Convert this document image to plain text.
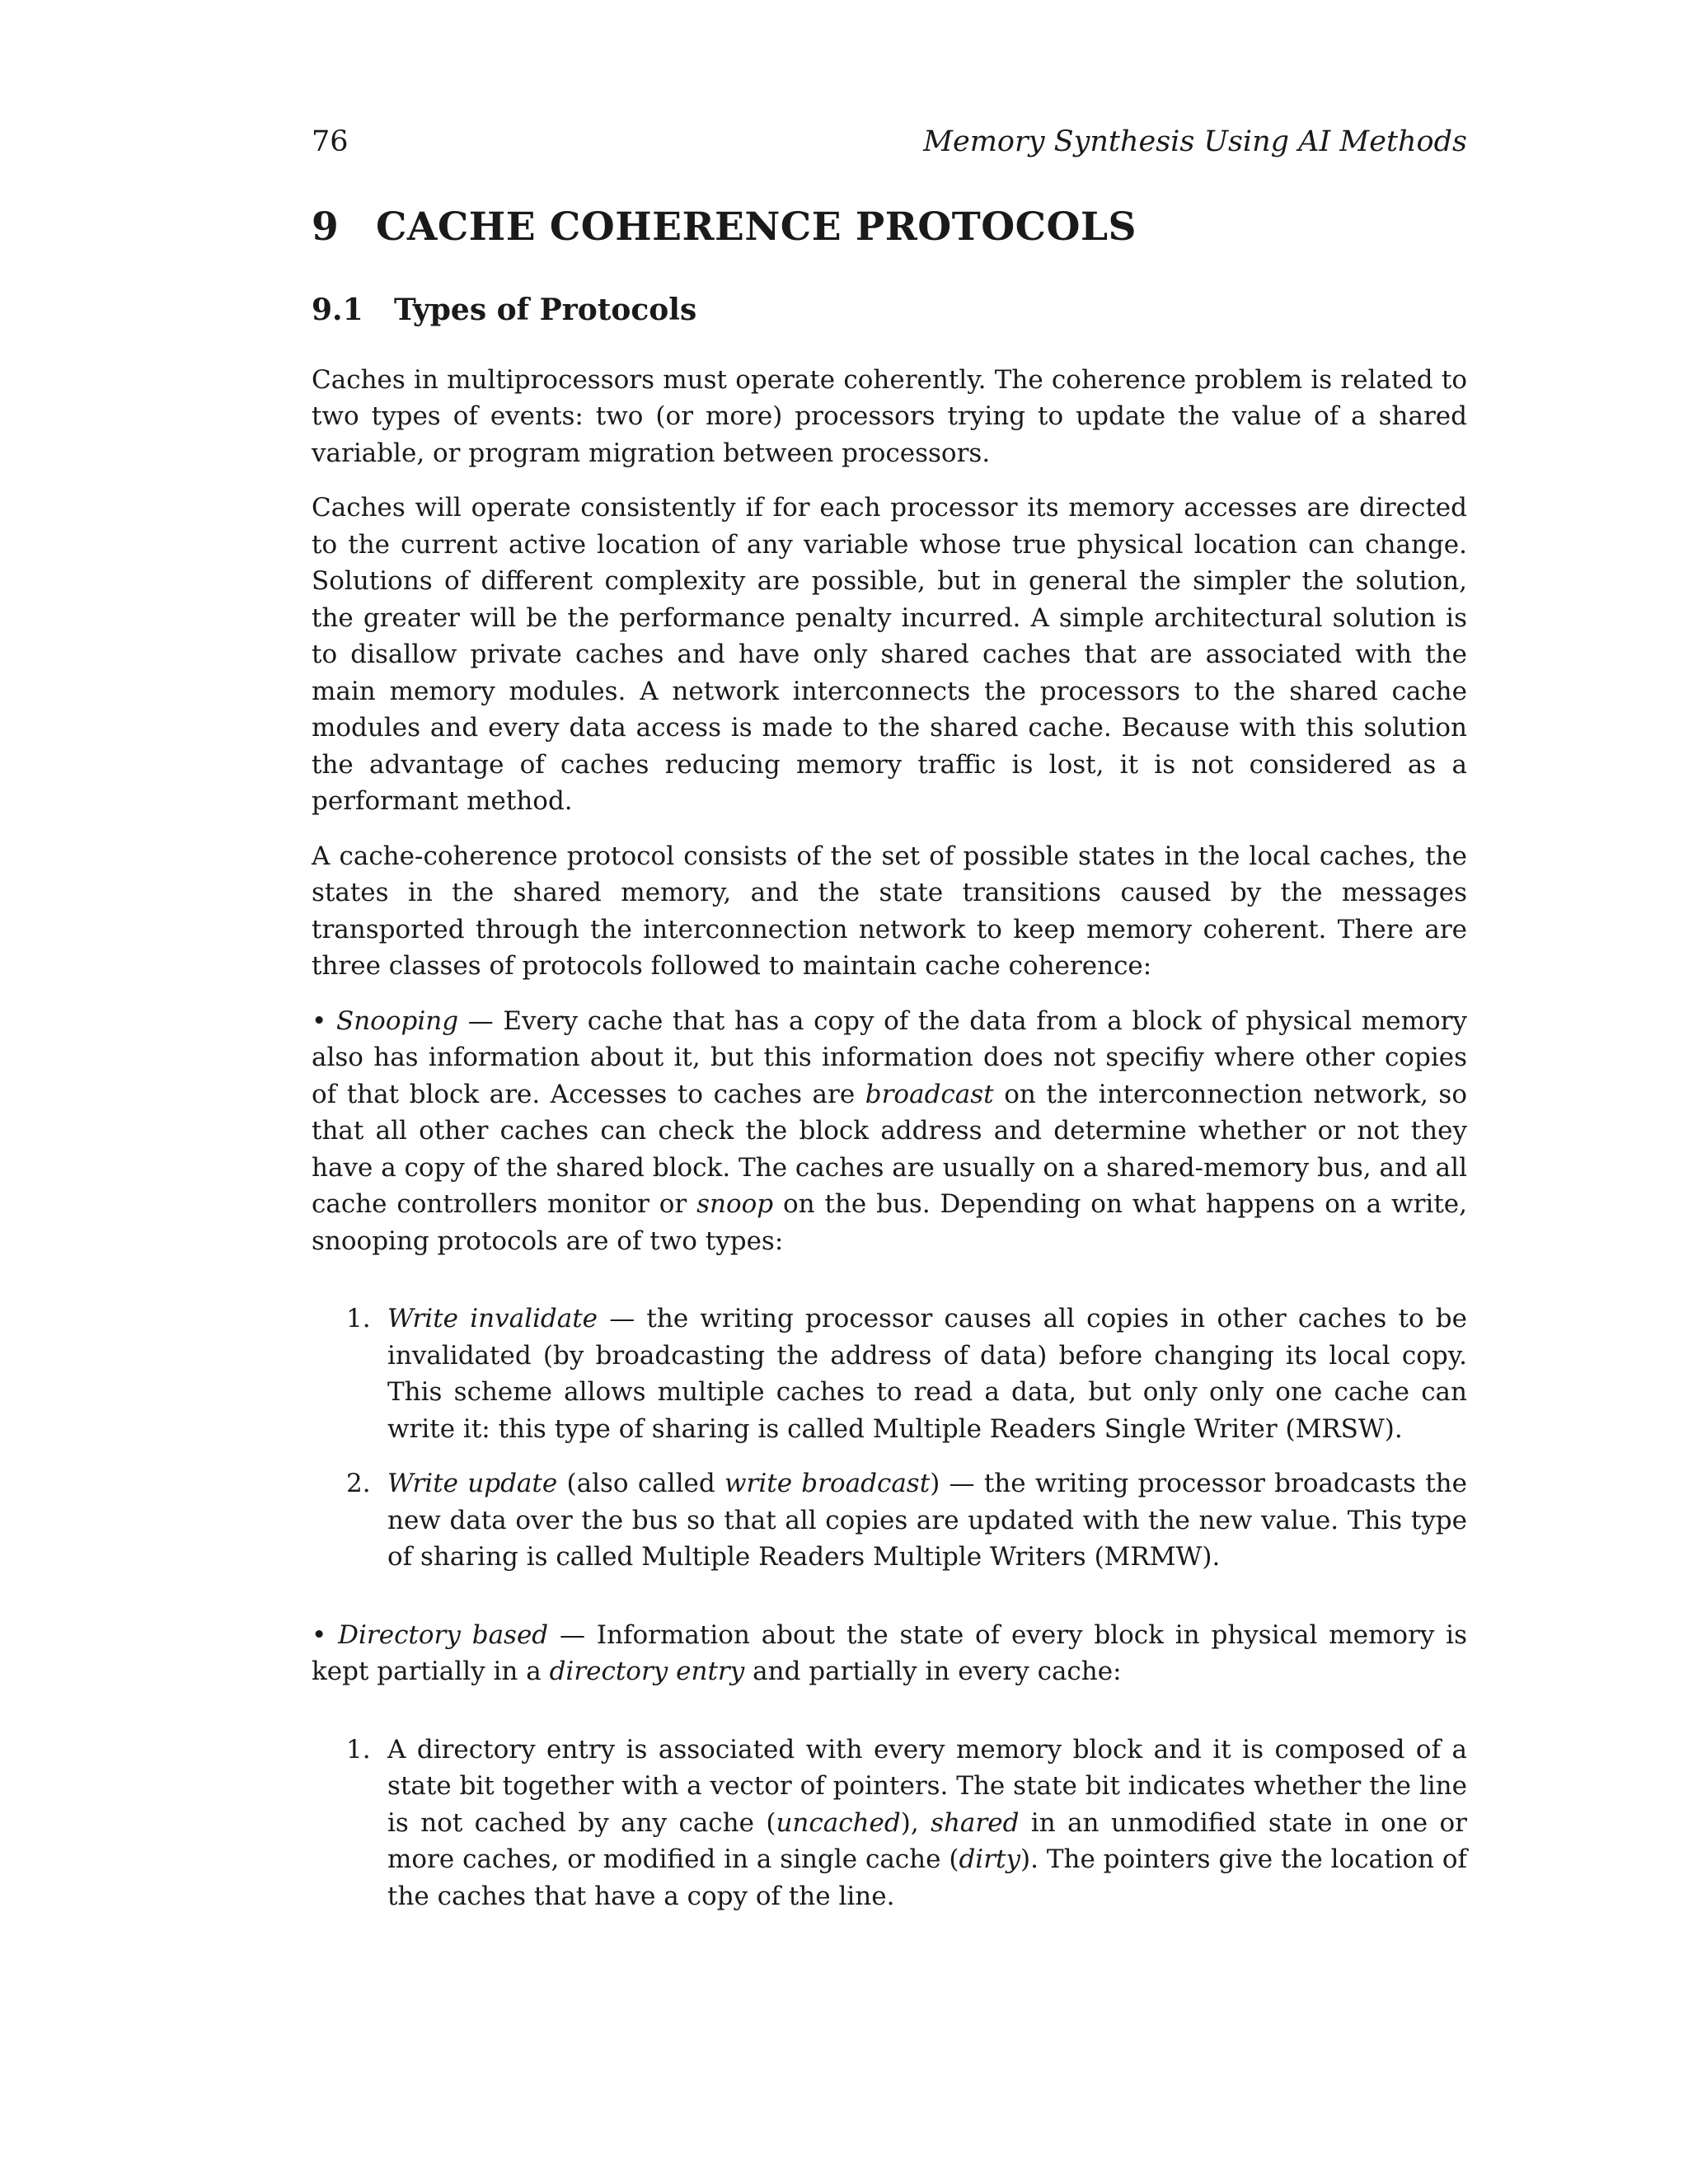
76	Memory Synthesis Using AI Methods
9 CACHE COHERENCE PROTOCOLS
9.1 Types of Protocols

Caches in multiprocessors must operate coherently. The coherence problem is related to two types of events: two (or more) processors trying to update the value of a shared variable, or program migration between processors.

Caches will operate consistently if for each processor its memory accesses are directed to the current active location of any variable whose true physical location can change. Solutions of different complexity are possible, but in general the simpler the solution, the greater will be the performance penalty incurred. A simple architectural solution is to disallow private caches and have only shared caches that are associated with the main memory modules. A network interconnects the processors to the shared cache modules and every data access is made to the shared cache. Because with this solution the advantage of caches reducing memory traffic is lost, it is not considered as a performant method.

A cache-coherence protocol consists of the set of possible states in the local caches, the states in the shared memory, and the state transitions caused by the messages transported through the interconnection network to keep memory coherent. There are three classes of protocols followed to maintain cache coherence:

• Snooping — Every cache that has a copy of the data from a block of physical memory also has information about it, but this information does not specifiy where other copies of that block are. Accesses to caches are broadcast on the interconnection network, so that all other caches can check the block address and determine whether or not they have a copy of the shared block. The caches are usually on a shared-memory bus, and all cache controllers monitor or snoop on the bus. Depending on what happens on a write, snooping protocols are of two types:

1. Write invalidate — the writing processor causes all copies in other caches to be invalidated (by broadcasting the address of data) before changing its local copy. This scheme allows multiple caches to read a data, but only only one cache can write it: this type of sharing is called Multiple Readers Single Writer (MRSW).
2. Write update (also called write broadcast) — the writing processor broadcasts the new data over the bus so that all copies are updated with the new value. This type of sharing is called Multiple Readers Multiple Writers (MRMW).

• Directory based — Information about the state of every block in physical memory is kept partially in a directory entry and partially in every cache:

1. A directory entry is associated with every memory block and it is composed of a state bit together with a vector of pointers. The state bit indicates whether the line is not cached by any cache (uncached), shared in an unmodified state in one or more caches, or modified in a single cache (dirty). The pointers give the location of the caches that have a copy of the line.
